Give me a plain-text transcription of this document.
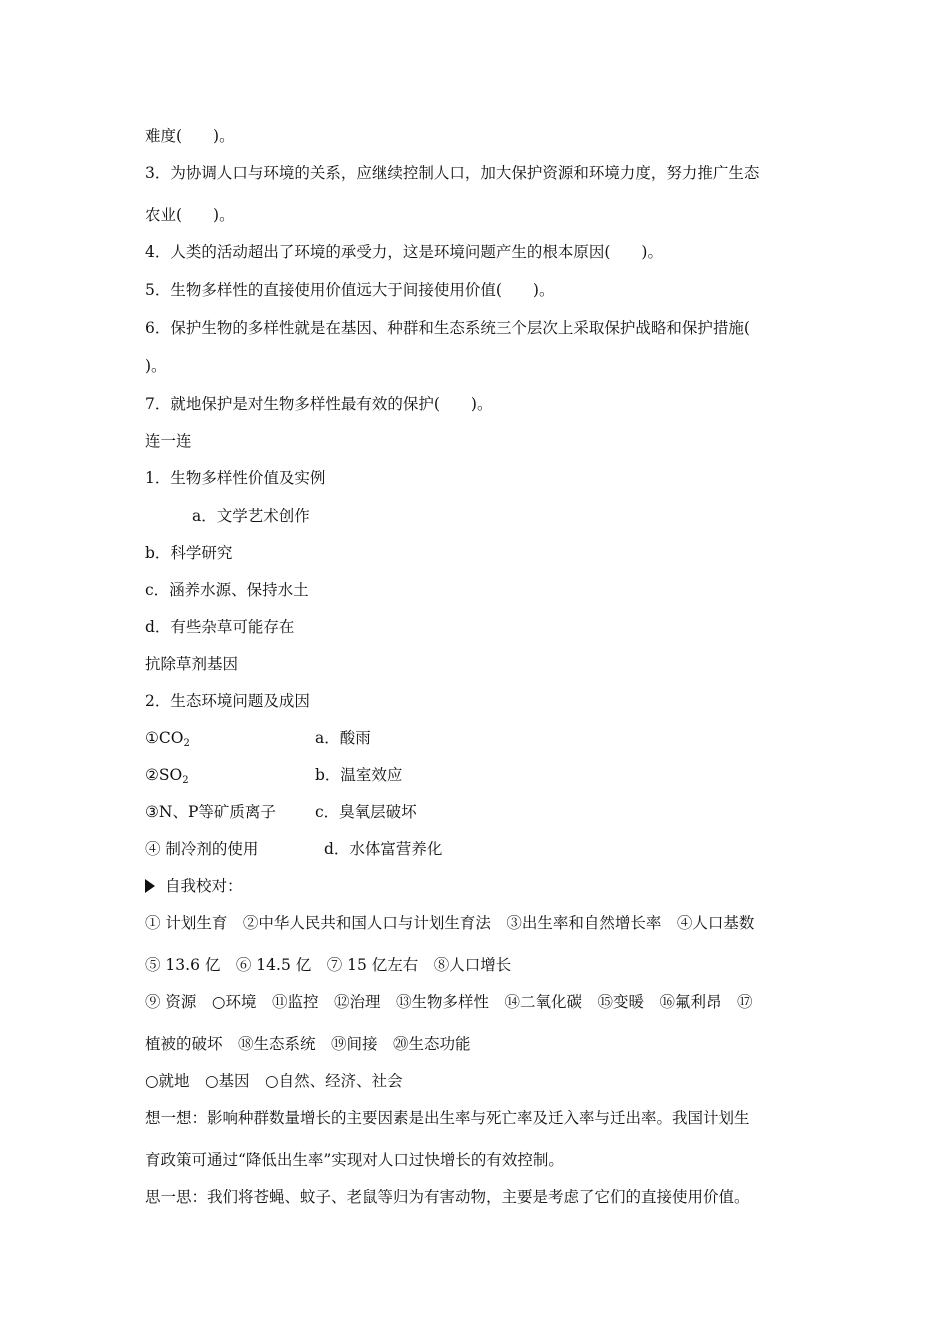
难度(　　)。
3．为协调人口与环境的关系，应继续控制人口，加大保护资源和环境力度，努力推广生态
农业(　　)。
4．人类的活动超出了环境的承受力，这是环境问题产生的根本原因(　　)。
5．生物多样性的直接使用价值远大于间接使用价值(　　)。
6．保护生物的多样性就是在基因、种群和生态系统三个层次上采取保护战略和保护措施(
)。
7．就地保护是对生物多样性最有效的保护(　　)。
连一连
1．生物多样性价值及实例
a．文学艺术创作
b．科学研究
c．涵养水源、保持水土
d．有些杂草可能存在
抗除草剂基因
2．生态环境问题及成因
$①CO_2$	a．酸雨
$②SO_2$	b．温室效应
③N、P等矿质离子	c．臭氧层破坏
④ 制冷剂的使用	d．水体富营养化
自我校对：
① 计划生育　②中华人民共和国人口与计划生育法　③出生率和自然增长率　④人口基数
⑤ 13.6 亿　⑥ 14.5 亿　⑦ 15 亿左右　⑧人口增长
⑨ 资源　○环境　⑪监控　⑫治理　⑬生物多样性　⑭二氧化碳　⑮变暖　⑯氟利昂　⑰
植被的破坏　⑱生态系统　⑲间接　⑳生态功能
○就地　○基因　○自然、经济、社会
想一想：影响种群数量增长的主要因素是出生率与死亡率及迁入率与迁出率。我国计划生
育政策可通过“降低出生率”实现对人口过快增长的有效控制。
思一思：我们将苍蝇、蚊子、老鼠等归为有害动物，主要是考虑了它们的直接使用价值。
